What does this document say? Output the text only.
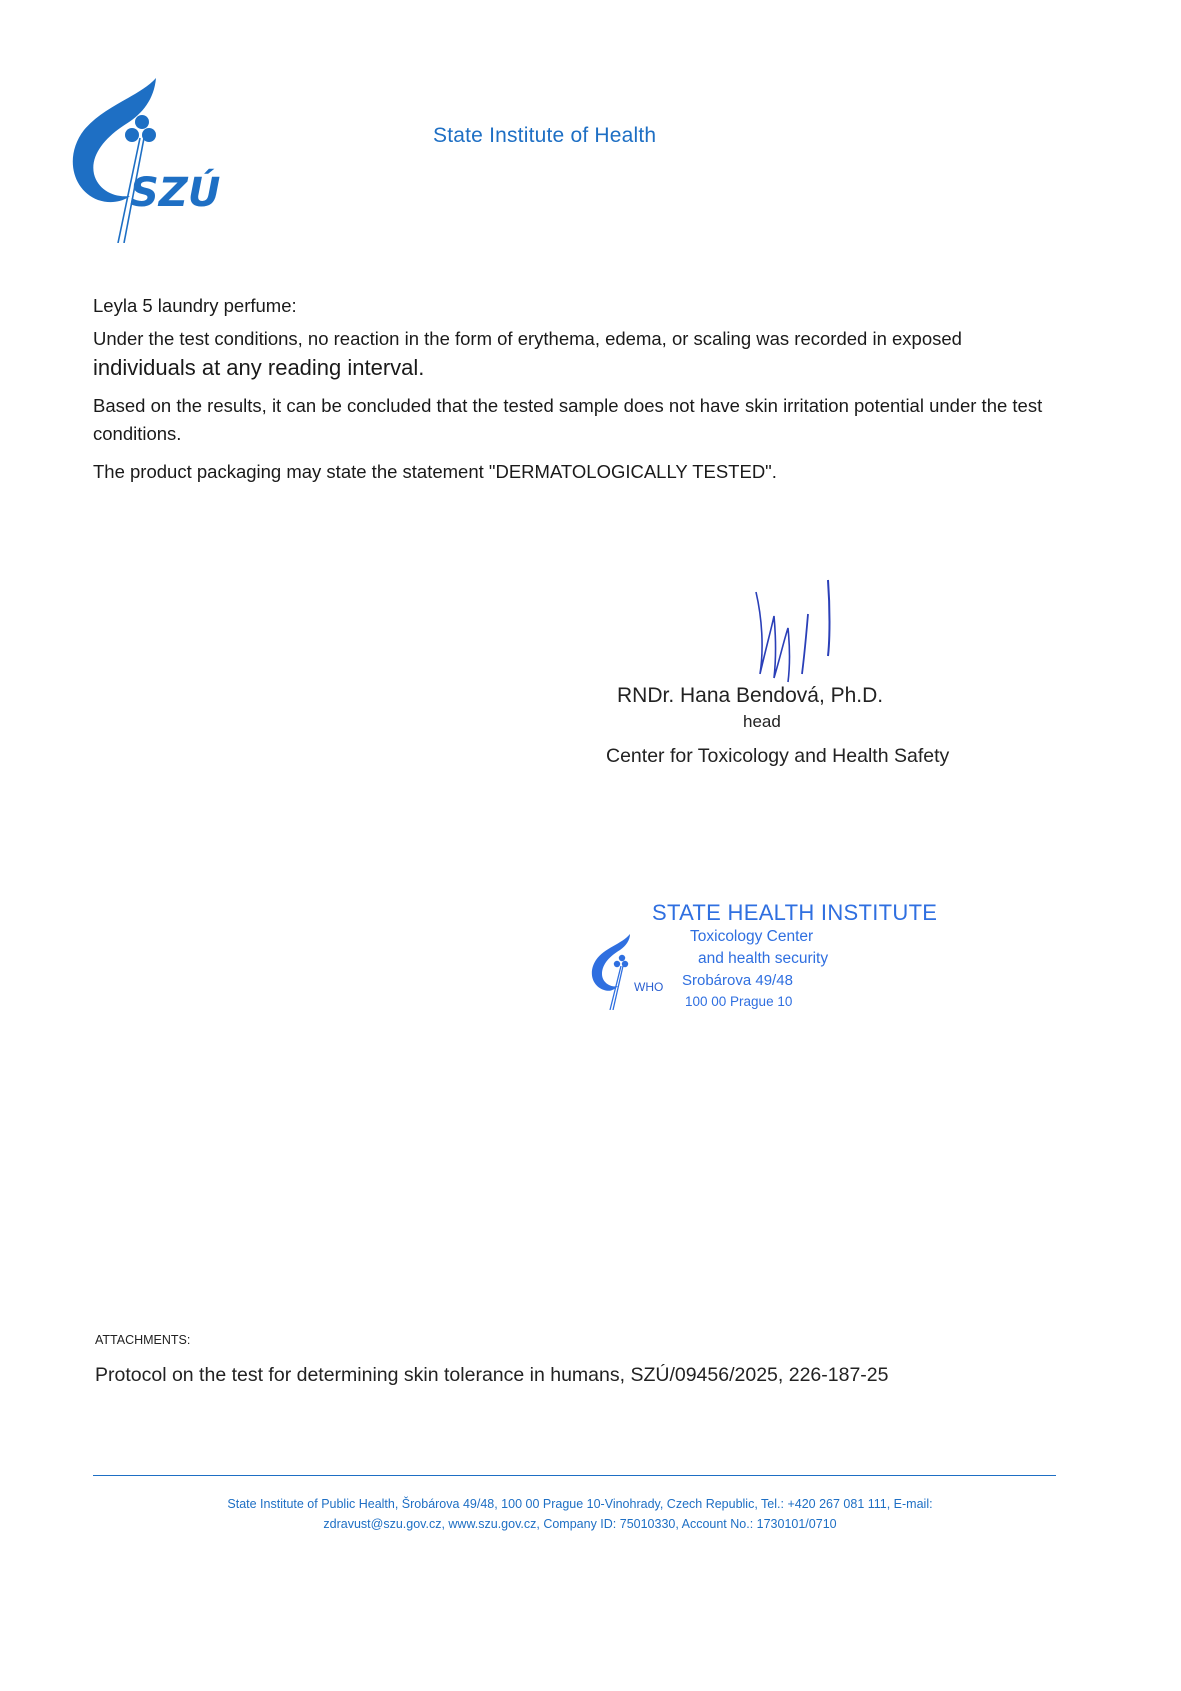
SZÚ
State Institute of Health
Leyla 5 laundry perfume:
Under the test conditions, no reaction in the form of erythema, edema, or scaling was recorded in exposed
individuals at any reading interval.
Based on the results, it can be concluded that the tested sample does not have skin irritation potential under the test conditions.
The product packaging may state the statement "DERMATOLOGICALLY TESTED".
RNDr. Hana Bendová, Ph.D.
head
Center for Toxicology and Health Safety
WHO
STATE HEALTH INSTITUTE
Toxicology Center
and health security
Srobárova 49/48
100 00 Prague 10
ATTACHMENTS:
Protocol on the test for determining skin tolerance in humans, SZÚ/09456/2025, 226-187-25
State Institute of Public Health, Šrobárova 49/48, 100 00 Prague 10-Vinohrady, Czech Republic, Tel.: +420 267 081 111, E-mail:
zdravust@szu.gov.cz, www.szu.gov.cz, Company ID: 75010330, Account No.: 1730101/0710
